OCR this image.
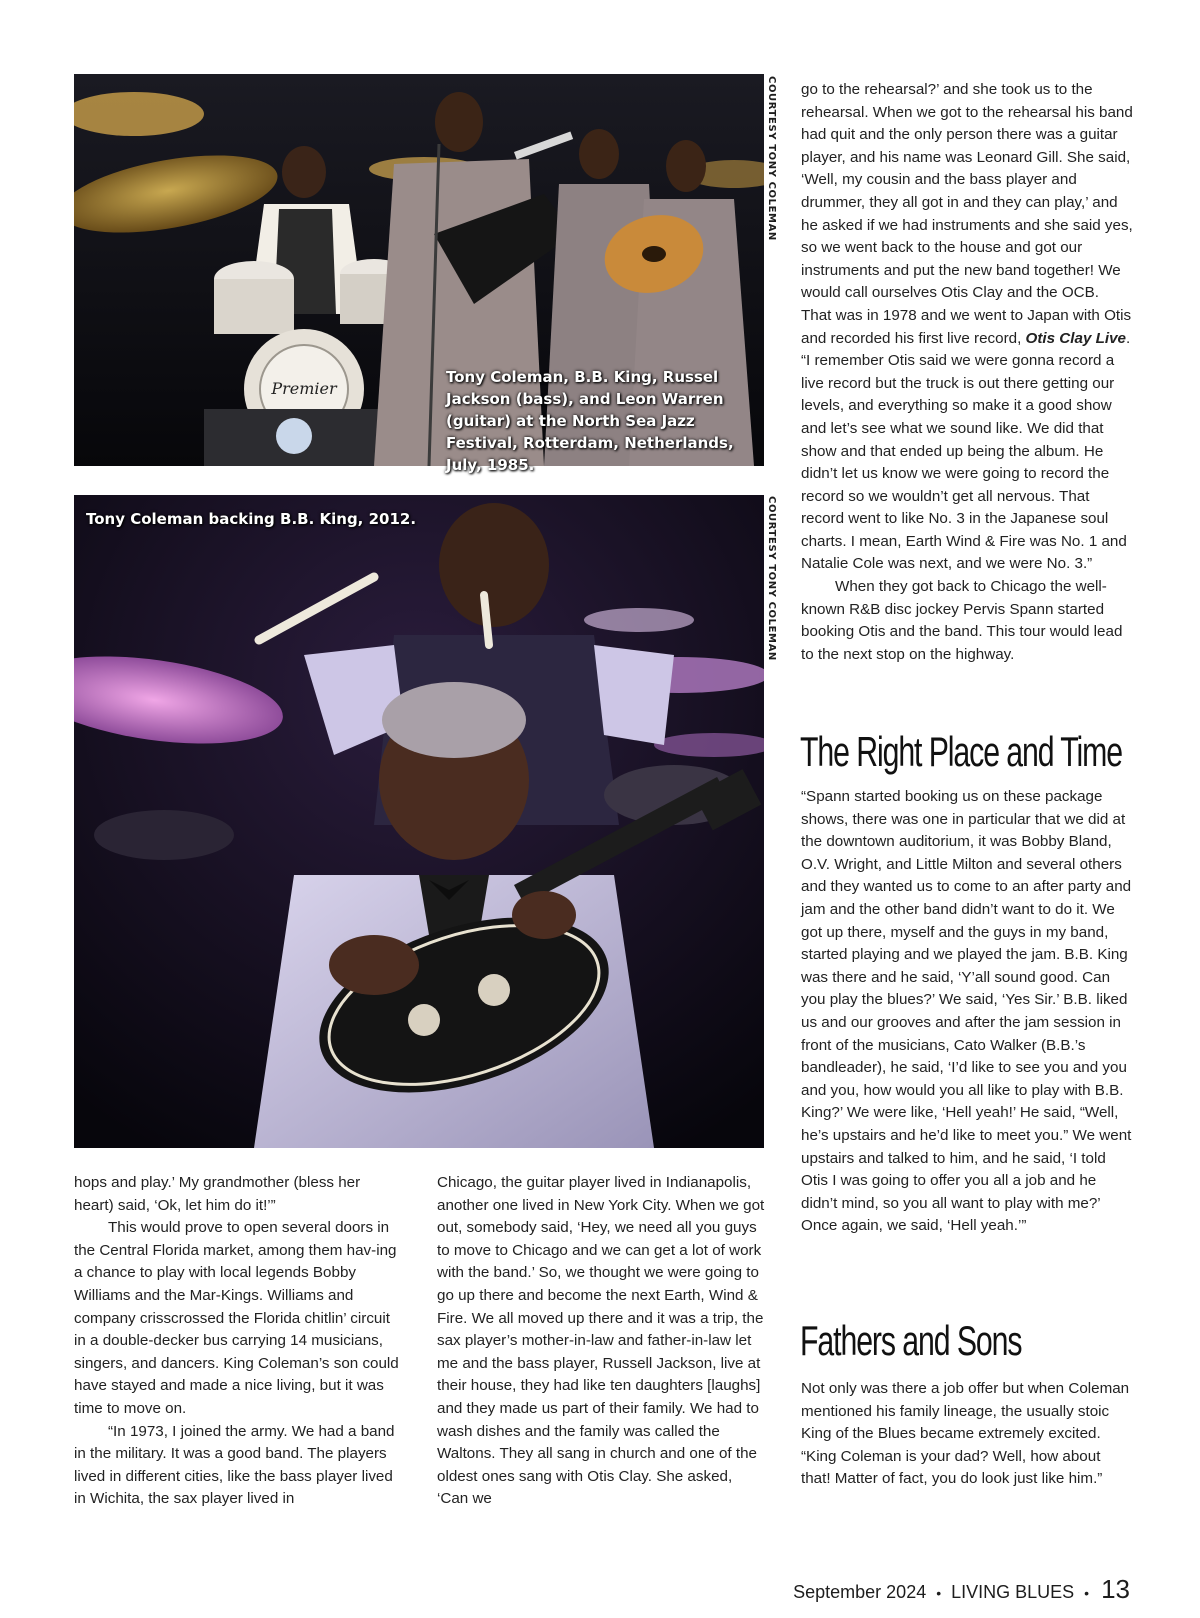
Premier
Tony Coleman, B.B. King, Russel Jackson (bass), and Leon Warren (guitar) at the North Sea Jazz Festival, Rotterdam, Netherlands, July, 1985.
COURTESY TONY COLEMAN
Tony Coleman backing B.B. King, 2012.	COURTESY TONY COLEMAN

hops and play.’ My grandmother (bless her heart) said, ‘Ok, let him do it!’”

This would prove to open several doors in the Central Florida market, among them hav-ing a chance to play with local legends Bobby Williams and the Mar-Kings. Williams and company crisscrossed the Florida chitlin’ circuit in a double-decker bus carrying 14 musicians, singers, and dancers. King Coleman’s son could have stayed and made a nice living, but it was time to move on.

“In 1973, I joined the army. We had a band in the military. It was a good band. The players lived in different cities, like the bass player lived in Wichita, the sax player lived in

Chicago, the guitar player lived in Indianapolis, another one lived in New York City. When we got out, somebody said, ‘Hey, we need all you guys to move to Chicago and we can get a lot of work with the band.’ So, we thought we were going to go up there and become the next Earth, Wind & Fire. We all moved up there and it was a trip, the sax player’s mother-in-law and father-in-law let me and the bass player, Russell Jackson, live at their house, they had like ten daughters [laughs] and they made us part of their family. We had to wash dishes and the family was called the Waltons. They all sang in church and one of the oldest ones sang with Otis Clay. She asked, ‘Can we

go to the rehearsal?’ and she took us to the rehearsal. When we got to the rehearsal his band had quit and the only person there was a guitar player, and his name was Leonard Gill. She said, ‘Well, my cousin and the bass player and drummer, they all got in and they can play,’ and he asked if we had instruments and she said yes, so we went back to the house and got our instruments and put the new band together! We would call ourselves Otis Clay and the OCB. That was in 1978 and we went to Japan with Otis and recorded his first live record, Otis Clay Live. “I remember Otis said we were gonna record a live record but the truck is out there getting our levels, and everything so make it a good show and let’s see what we sound like. We did that show and that ended up being the album. He didn’t let us know we were going to record the record so we wouldn’t get all nervous. That record went to like No. 3 in the Japanese soul charts. I mean, Earth Wind & Fire was No. 1 and Natalie Cole was next, and we were No. 3.”

When they got back to Chicago the well-known R&B disc jockey Pervis Spann started booking Otis and the band. This tour would lead to the next stop on the highway.

The Right Place and Time

“Spann started booking us on these package shows, there was one in particular that we did at the downtown auditorium, it was Bobby Bland, O.V. Wright, and Little Milton and several others and they wanted us to come to an after party and jam and the other band didn’t want to do it. We got up there, myself and the guys in my band, started playing and we played the jam. B.B. King was there and he said, ‘Y’all sound good. Can you play the blues?’ We said, ‘Yes Sir.’ B.B. liked us and our grooves and after the jam session in front of the musicians, Cato Walker (B.B.’s bandleader), he said, ‘I’d like to see you and you and you, how would you all like to play with B.B. King?’ We were like, ‘Hell yeah!’ He said, “Well, he’s upstairs and he’d like to meet you.” We went upstairs and talked to him, and he said, ‘I told Otis I was going to offer you all a job and he didn’t mind, so you all want to play with me?’ Once again, we said, ‘Hell yeah.’”

Fathers and Sons

Not only was there a job offer but when Coleman mentioned his family lineage, the usually stoic King of the Blues became extremely excited. “King Coleman is your dad? Well, how about that! Matter of fact, you do look just like him.”

September 2024 • LIVING BLUES • 13
